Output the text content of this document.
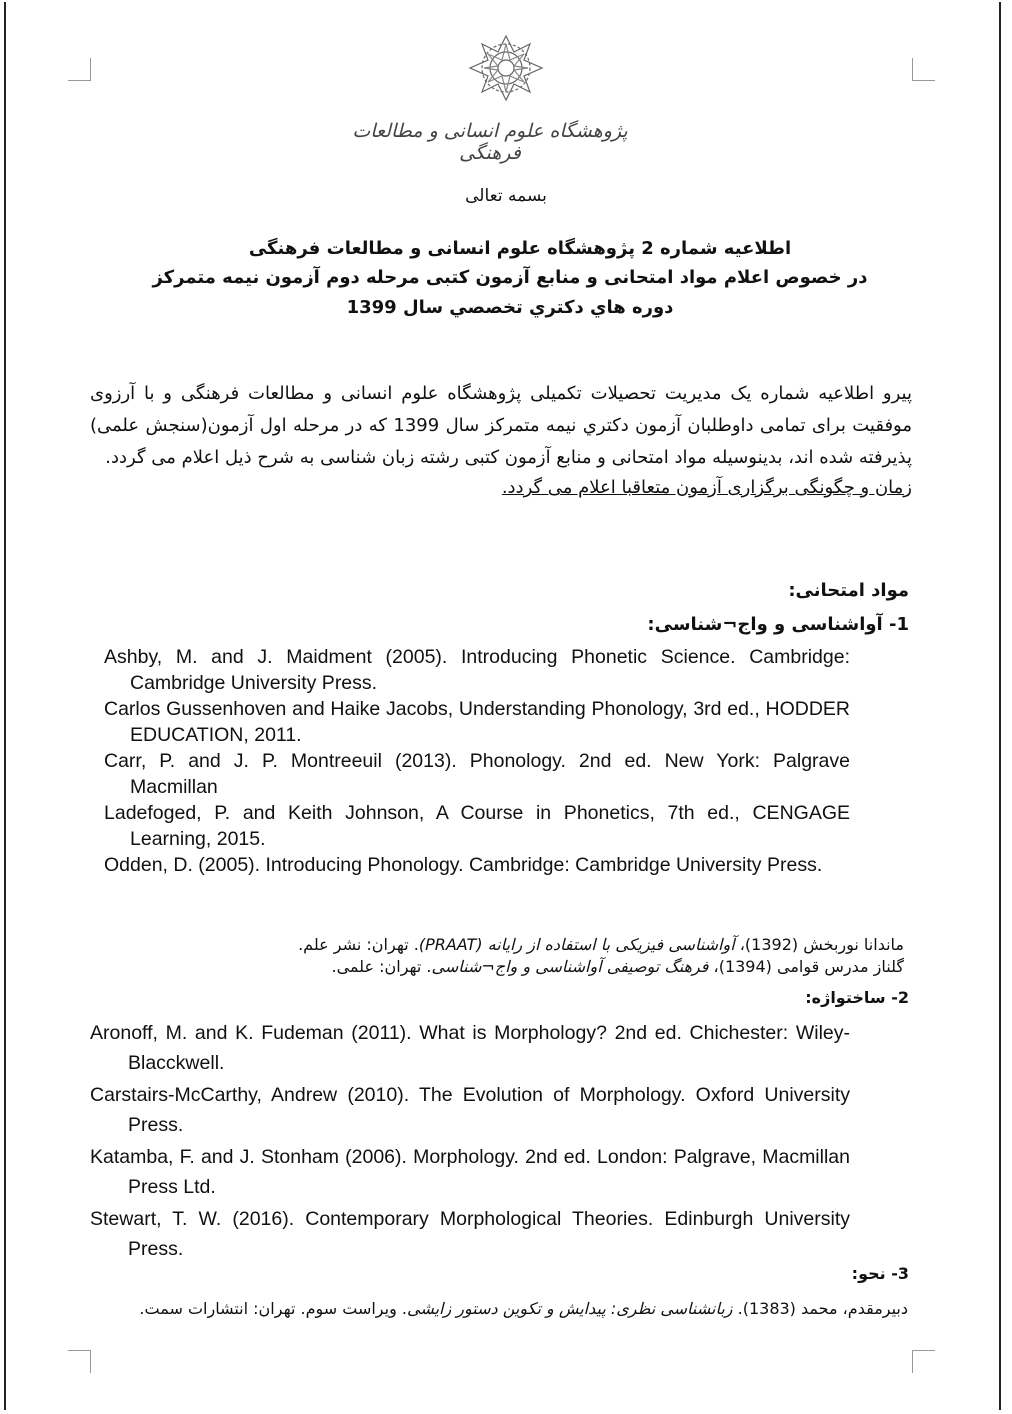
پژوهشگاه علوم انسانی و مطالعات فرهنگی
بسمه تعالی
اطلاعیه شماره 2 پژوهشگاه علوم انسانی و مطالعات فرهنگی
در خصوص اعلام مواد امتحانی و منابع آزمون کتبی مرحله دوم آزمون نیمه متمرکز
دوره هاي دكتري تخصصي سال 1399

پیرو اطلاعیه شماره یک مدیریت تحصیلات تکمیلی پژوهشگاه علوم انسانی و مطالعات فرهنگی و با آرزوی موفقیت برای تمامی داوطلبان آزمون دکتري نیمه متمرکز سال 1399 که در مرحله اول آزمون(سنجش علمی) پذیرفته شده اند، بدینوسیله مواد امتحانی و منابع آزمون کتبی رشته زبان شناسی به شرح ذیل اعلام می گردد.

زمان و چگونگی برگزاری آزمون متعاقبا اعلام می گردد.

مواد امتحانی:
1- آواشناسی و واج¬شناسی:
Ashby, M. and J. Maidment (2005). Introducing Phonetic Science. Cambridge: Cambridge University Press.
Carlos Gussenhoven and Haike Jacobs, Understanding Phonology, 3rd ed., HODDER EDUCATION, 2011.
Carr, P. and J. P. Montreeuil (2013). Phonology. 2nd ed. New York: Palgrave Macmillan
Ladefoged, P. and Keith Johnson, A Course in Phonetics, 7th ed., CENGAGE Learning, 2015.
Odden, D. (2005). Introducing Phonology. Cambridge: Cambridge University Press.
ماندانا نوربخش (1392)، آواشناسی فیزیکی با استفاده از رایانه (PRAAT). تهران: نشر علم.
گلناز مدرس قوامی (1394)، فرهنگ توصیفی آواشناسی و واج¬شناسی. تهران: علمی.
2- ساختواژه:
Aronoff, M. and K. Fudeman (2011). What is Morphology? 2nd ed. Chichester: Wiley-Blacckwell.
Carstairs-McCarthy, Andrew (2010). The Evolution of Morphology. Oxford University Press.
Katamba, F. and J. Stonham (2006). Morphology. 2nd ed. London: Palgrave, Macmillan Press Ltd.
Stewart, T. W. (2016). Contemporary Morphological Theories. Edinburgh University Press.
3- نحو:
دبیرمقدم، محمد (1383). زبانشناسی نظری: پیدایش و تکوین دستور زایشی. ویراست سوم. تهران: انتشارات سمت.
